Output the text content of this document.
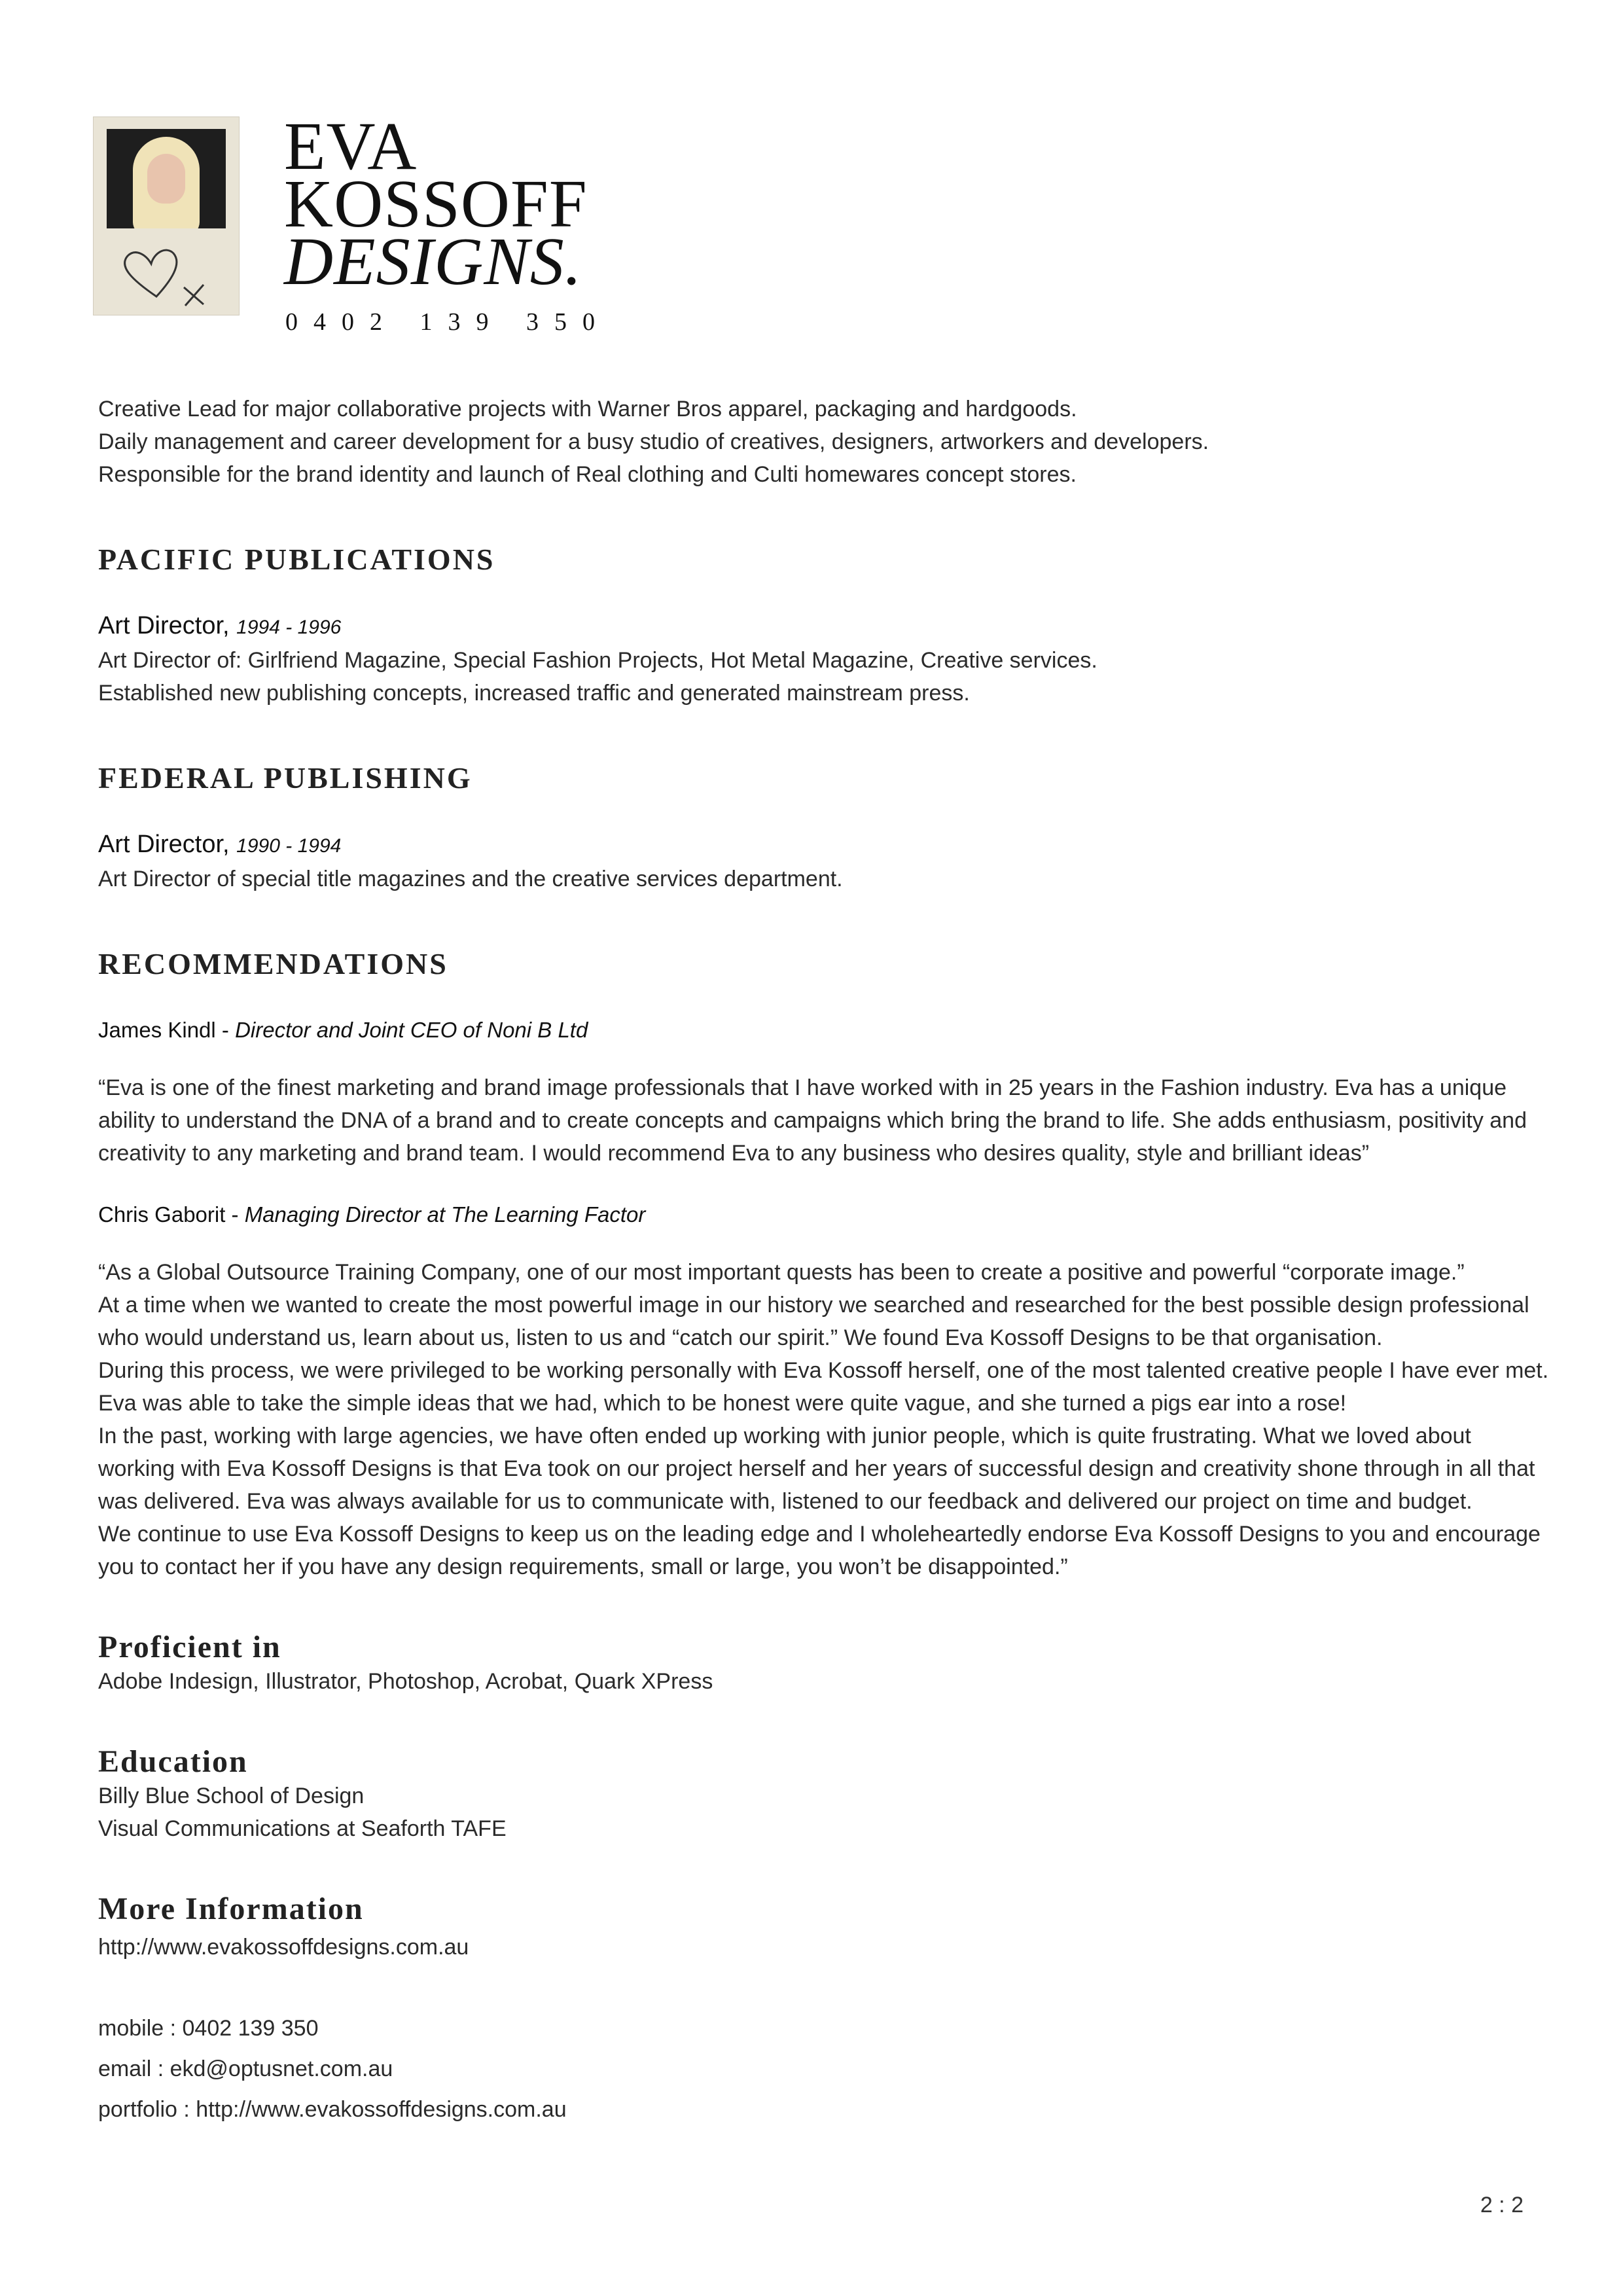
EVA
KOSSOFF
DESIGNS.
0402 139 350

Creative Lead for major collaborative projects with Warner Bros apparel, packaging and hardgoods.

Daily management and career development for a busy studio of creatives, designers, artworkers and developers.

Responsible for the brand identity and launch of Real clothing and Culti homewares concept stores.

PACIFIC PUBLICATIONS

Art Director, 1994 - 1996

Art Director of: Girlfriend Magazine, Special Fashion Projects, Hot Metal Magazine, Creative services.

Established new publishing concepts, increased traffic and generated mainstream press.

FEDERAL PUBLISHING

Art Director, 1990 - 1994

Art Director of special title magazines and the creative services department.

RECOMMENDATIONS

James Kindl - Director and Joint CEO of Noni B Ltd

“Eva is one of the finest marketing and brand image professionals that I have worked with in 25 years in the Fashion industry. Eva has a unique

ability to understand the DNA of a brand and to create concepts and campaigns which bring the brand to life. She adds enthusiasm, positivity and

creativity to any marketing and brand team. I would recommend Eva to any business who desires quality, style and brilliant ideas”

Chris Gaborit - Managing Director at The Learning Factor

“As a Global Outsource Training Company, one of our most important quests has been to create a positive and powerful “corporate image.”

At a time when we wanted to create the most powerful image in our history we searched and researched for the best possible design professional

who would understand us, learn about us, listen to us and “catch our spirit.” We found Eva Kossoff Designs to be that organisation.

During this process, we were privileged to be working personally with Eva Kossoff herself, one of the most talented creative people I have ever met.

Eva was able to take the simple ideas that we had, which to be honest were quite vague, and she turned a pigs ear into a rose!

In the past, working with large agencies, we have often ended up working with junior people, which is quite frustrating. What we loved about

working with Eva Kossoff Designs is that Eva took on our project herself and her years of successful design and creativity shone through in all that

was delivered. Eva was always available for us to communicate with, listened to our feedback and delivered our project on time and budget.

We continue to use Eva Kossoff Designs to keep us on the leading edge and I wholeheartedly endorse Eva Kossoff Designs to you and encourage

you to contact her if you have any design requirements, small or large, you won’t be disappointed.”

Proficient in

Adobe Indesign, Illustrator, Photoshop, Acrobat, Quark XPress

Education

Billy Blue School of Design

Visual Communications at Seaforth TAFE

More Information

http://www.evakossoffdesigns.com.au

mobile : 0402 139 350

email : ekd@optusnet.com.au

portfolio : http://www.evakossoffdesigns.com.au

2 : 2
